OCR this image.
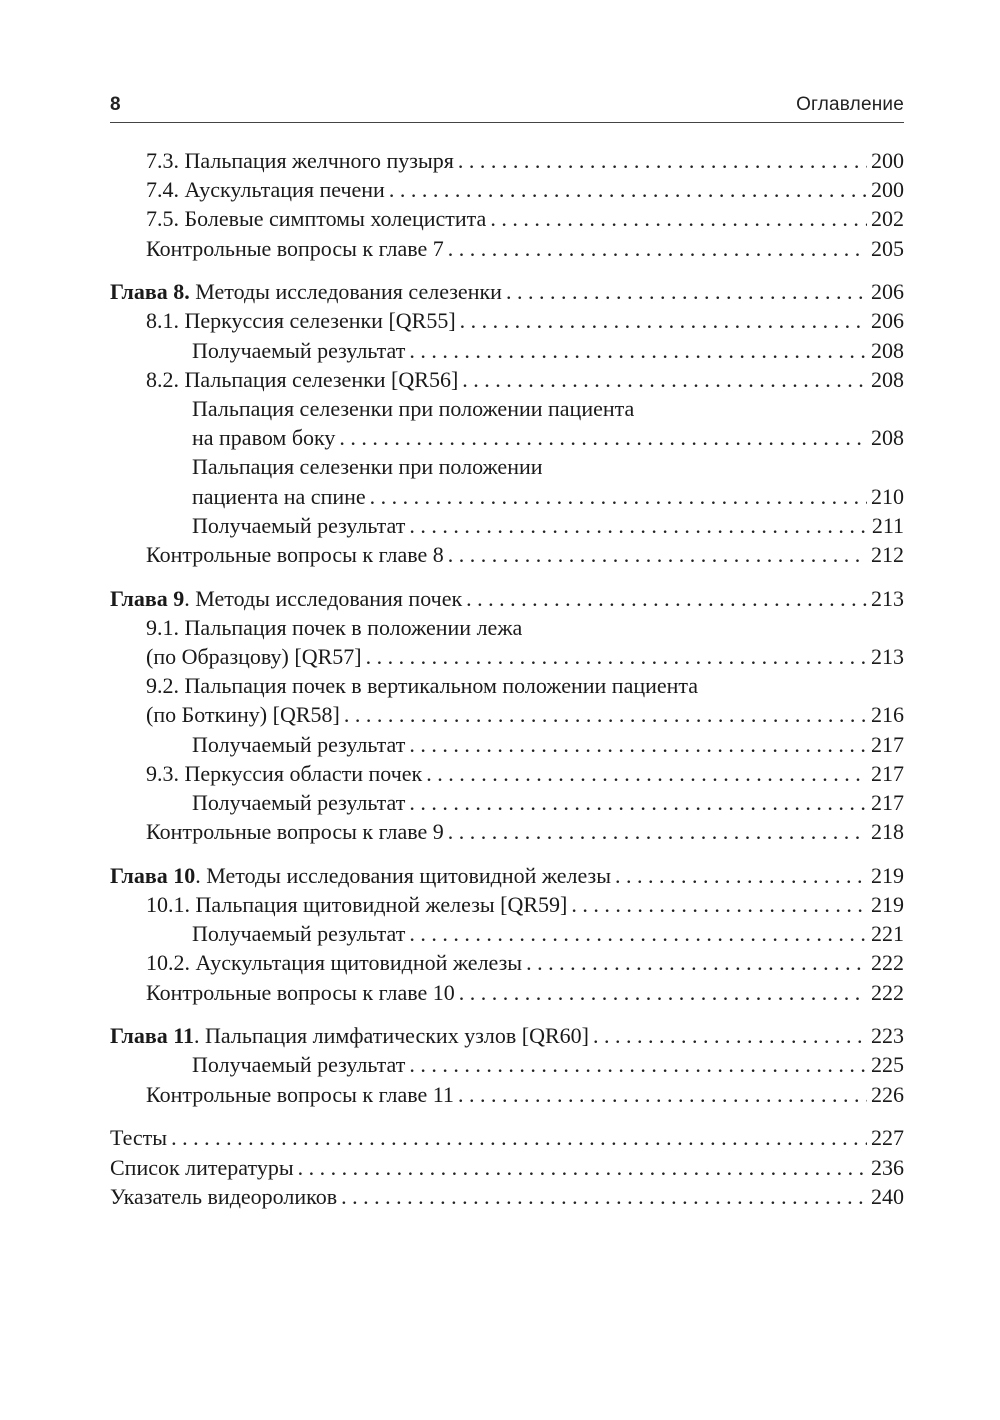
8	Оглавление
7.3. Пальпация желчного пузыря . . .	200
7.4. Аускультация печени . . .	200
7.5. Болевые симптомы холецистита . . .	202
Контрольные вопросы к главе 7 . . .	205
Глава 8. Методы исследования селезенки . . .	206
8.1. Перкуссия селезенки [QR55] . . .	206
Получаемый результат . . .	208
8.2. Пальпация селезенки [QR56] . . .	208
Пальпация селезенки при положении пациента
на правом боку . . .	208
Пальпация селезенки при положении
пациента на спине . . .	210
Получаемый результат . . .	211
Контрольные вопросы к главе 8 . . .	212
Глава 9. Методы исследования почек . . .	213
9.1. Пальпация почек в положении лежа
(по Образцову) [QR57] . . .	213
9.2. Пальпация почек в вертикальном положении пациента
(по Боткину) [QR58] . . .	216
Получаемый результат . . .	217
9.3. Перкуссия области почек . . .	217
Получаемый результат . . .	217
Контрольные вопросы к главе 9 . . .	218
Глава 10. Методы исследования щитовидной железы . . .	219
10.1. Пальпация щитовидной железы [QR59] . . .	219
Получаемый результат . . .	221
10.2. Аускультация щитовидной железы . . .	222
Контрольные вопросы к главе 10 . . .	222
Глава 11. Пальпация лимфатических узлов [QR60] . . .	223
Получаемый результат . . .	225
Контрольные вопросы к главе 11 . . .	226
Тесты . . .	227
Список литературы . . .	236
Указатель видеороликов . . .	240
